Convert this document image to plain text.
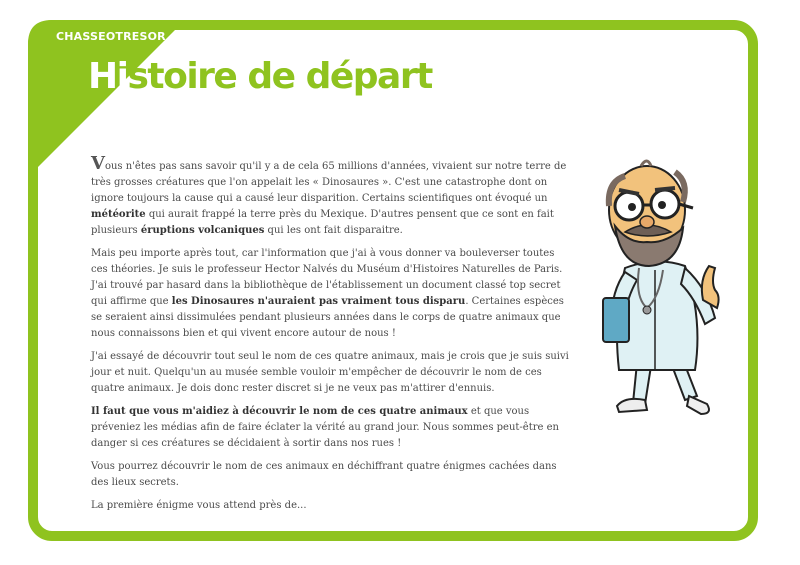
CHASSEOTRESOR
Histoire de départ

Vous n'êtes pas sans savoir qu'il y a de cela 65 millions d'années, vivaient sur notre terre de très grosses créatures que l'on appelait les « Dinosaures ». C'est une catastrophe dont on ignore toujours la cause qui a causé leur disparition. Certains scientifiques ont évoqué un météorite qui aurait frappé la terre près du Mexique. D'autres pensent que ce sont en fait plusieurs éruptions volcaniques qui les ont fait disparaitre.

Mais peu importe après tout, car l'information que j'ai à vous donner va bouleverser toutes ces théories. Je suis le professeur Hector Nalvés du Muséum d'Histoires Naturelles de Paris. J'ai trouvé par hasard dans la bibliothèque de l'établissement un document classé top secret qui affirme que les Dinosaures n'auraient pas vraiment tous disparu. Certaines espèces se seraient ainsi dissimulées pendant plusieurs années dans le corps de quatre animaux que nous connaissons bien et qui vivent encore autour de nous !

J'ai essayé de découvrir tout seul le nom de ces quatre animaux, mais je crois que je suis suivi jour et nuit. Quelqu'un au musée semble vouloir m'empêcher de découvrir le nom de ces quatre animaux. Je dois donc rester discret si je ne veux pas m'attirer d'ennuis.

Il faut que vous m'aidiez à découvrir le nom de ces quatre animaux et que vous préveniez les médias afin de faire éclater la vérité au grand jour. Nous sommes peut-être en danger si ces créatures se décidaient à sortir dans nos rues !

Vous pourrez découvrir le nom de ces animaux en déchiffrant quatre énigmes cachées dans des lieux secrets.

La première énigme vous attend près de...
